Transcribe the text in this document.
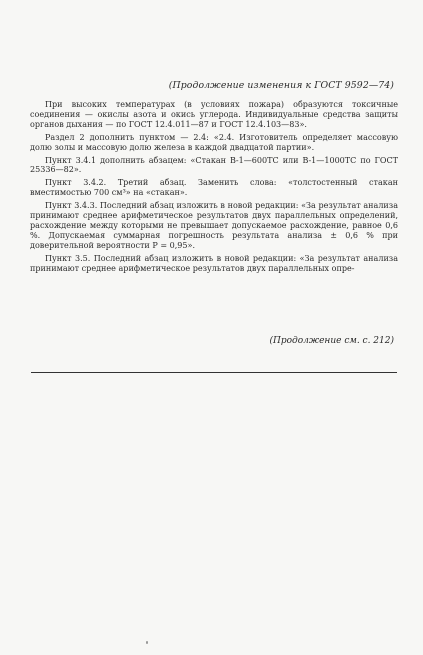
(Продолжение изменения к ГОСТ 9592—74)

При высоких температурах (в условиях пожара) образуются токсичные соединения — окислы азота и окись углерода. Индивидуальные средства защиты органов дыхания — по ГОСТ 12.4.011—87 и ГОСТ 12.4.103—83».

Раздел 2 дополнить пунктом — 2.4: «2.4. Изготовитель определяет массовую долю золы и массовую долю железа в каждой двадцатой партии».

Пункт 3.4.1 дополнить абзацем: «Стакан В-1—600ТС или В-1—1000ТС по ГОСТ 25336—82».

Пункт 3.4.2. Третий абзац. Заменить слова: «толстостенный стакан вместимостью 700 см³» на «стакан».

Пункт 3.4.3. Последний абзац изложить в новой редакции: «За результат анализа принимают среднее арифметическое результатов двух параллельных определений, расхождение между которыми не превышает допускаемое расхождение, равное 0,6 %. Допускаемая суммарная погрешность результата анализа ± 0,6 % при доверительной вероятности Р = 0,95».

Пункт 3.5. Последний абзац изложить в новой редакции: «За результат анализа принимают среднее арифметическое результатов двух параллельных опре-

(Продолжение см. с. 212)
